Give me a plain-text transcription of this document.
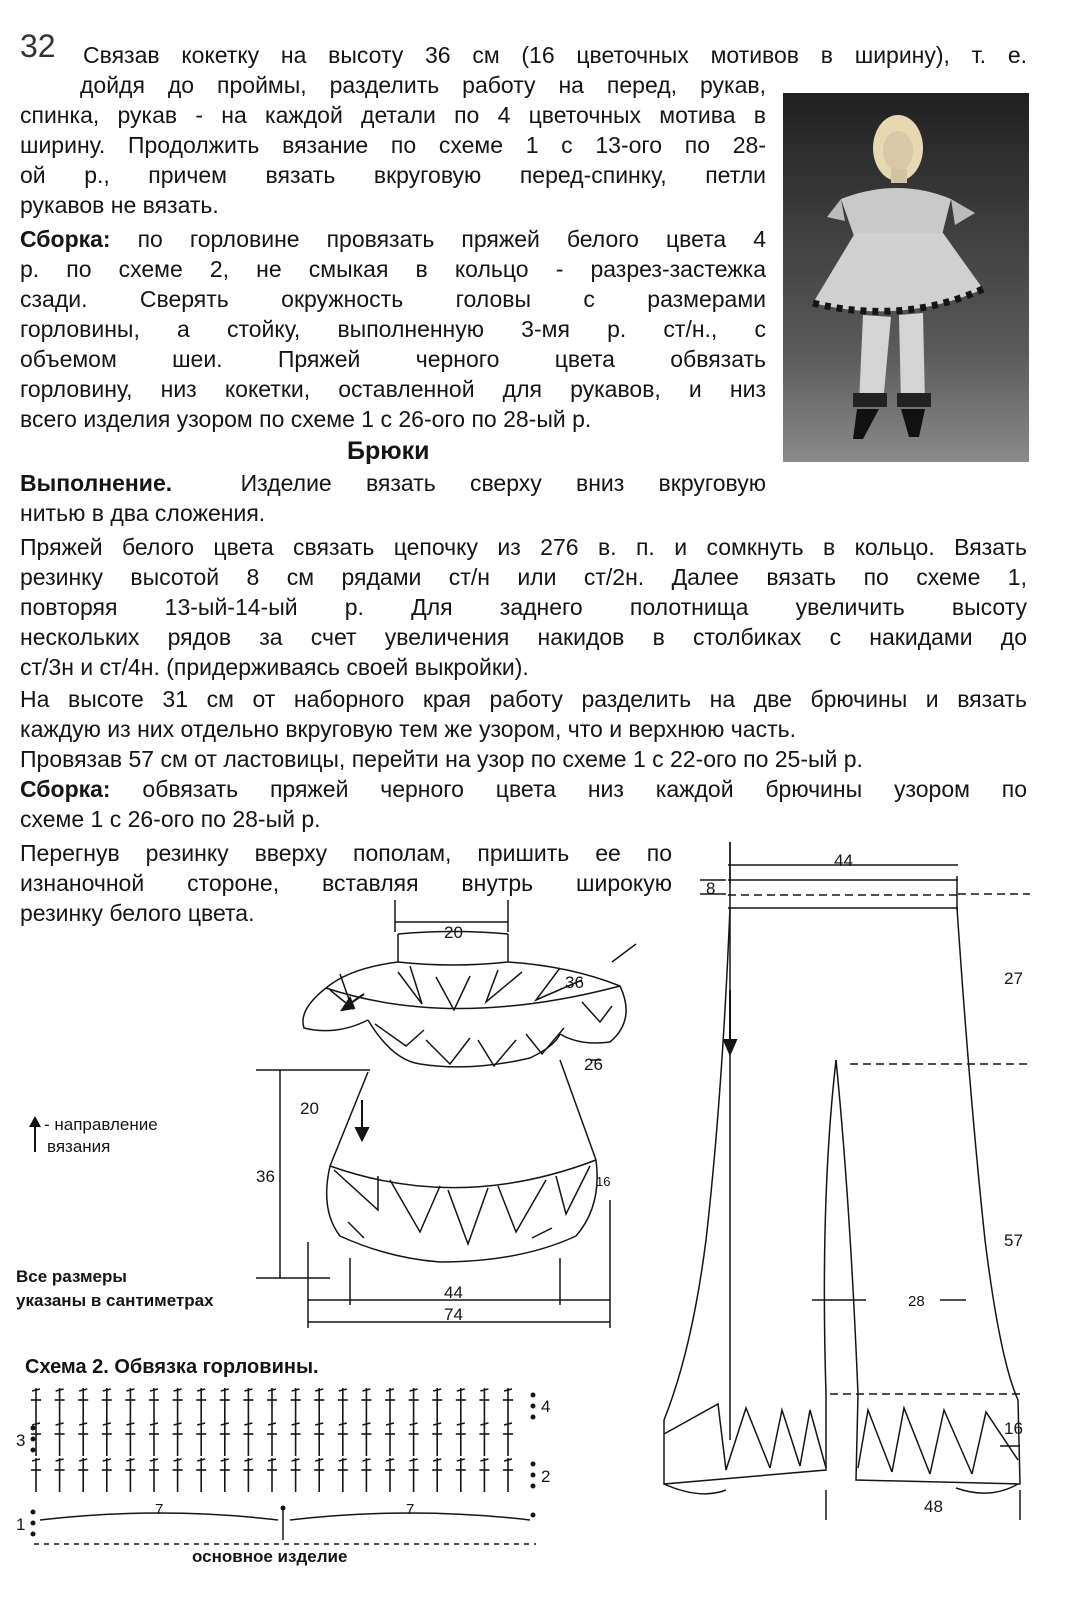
32 Связав кокетку на высоту 36 см (16 цветочных мотивов в ширину), т. е.
дойдя до проймы, разделить работу на перед, рукав,
спинка, рукав - на каждой детали по 4 цветочных мотива в
ширину. Продолжить вязание по схеме 1 с 13-ого по 28-
ой р., причем вязать вкруговую перед-спинку, петли
рукавов не вязать.
Сборка: по горловине провязать пряжей белого цвета 4
р. по схеме 2, не смыкая в кольцо - разрез-застежка
сзади. Сверять окружность головы с размерами
горловины, а стойку, выполненную 3-мя р. ст/н., с
объемом шеи. Пряжей черного цвета обвязать
горловину, низ кокетки, оставленной для рукавов, и низ
всего изделия узором по схеме 1 с 26-ого по 28-ый р.
Брюки
Выполнение.	Изделие вязать сверху вниз вкруговую
нитью в два сложения.
Пряжей белого цвета связать цепочку из 276 в. п. и сомкнуть в кольцо. Вязать
резинку высотой 8 см рядами ст/н или ст/2н. Далее вязать по схеме 1,
повторяя 13-ый-14-ый р. Для заднего полотнища увеличить высоту
нескольких рядов за счет увеличения накидов в столбиках с накидами до
ст/3н и ст/4н. (придерживаясь своей выкройки).
На высоте 31 см от наборного края работу разделить на две брючины и вязать
каждую из них отдельно вкруговую тем же узором, что и верхнюю часть.
Провязав 57 см от ластовицы, перейти на узор по схеме 1 с 22-ого по 25-ый р.
Сборка: обвязать пряжей черного цвета низ каждой брючины узором по
схеме 1 с 26-ого по 28-ый р.
Перегнув резинку вверху пополам, пришить ее по
изнаночной стороне, вставляя внутрь широкую
резинку белого цвета.
- направление
вязания
Все размеры
указаны в сантиметрах
Схема 2. Обвязка горловины.
20
36
26
20
36	16
44
74
44
8
27
57
28
16
48
4
3
2
1
7	7
основное изделие
